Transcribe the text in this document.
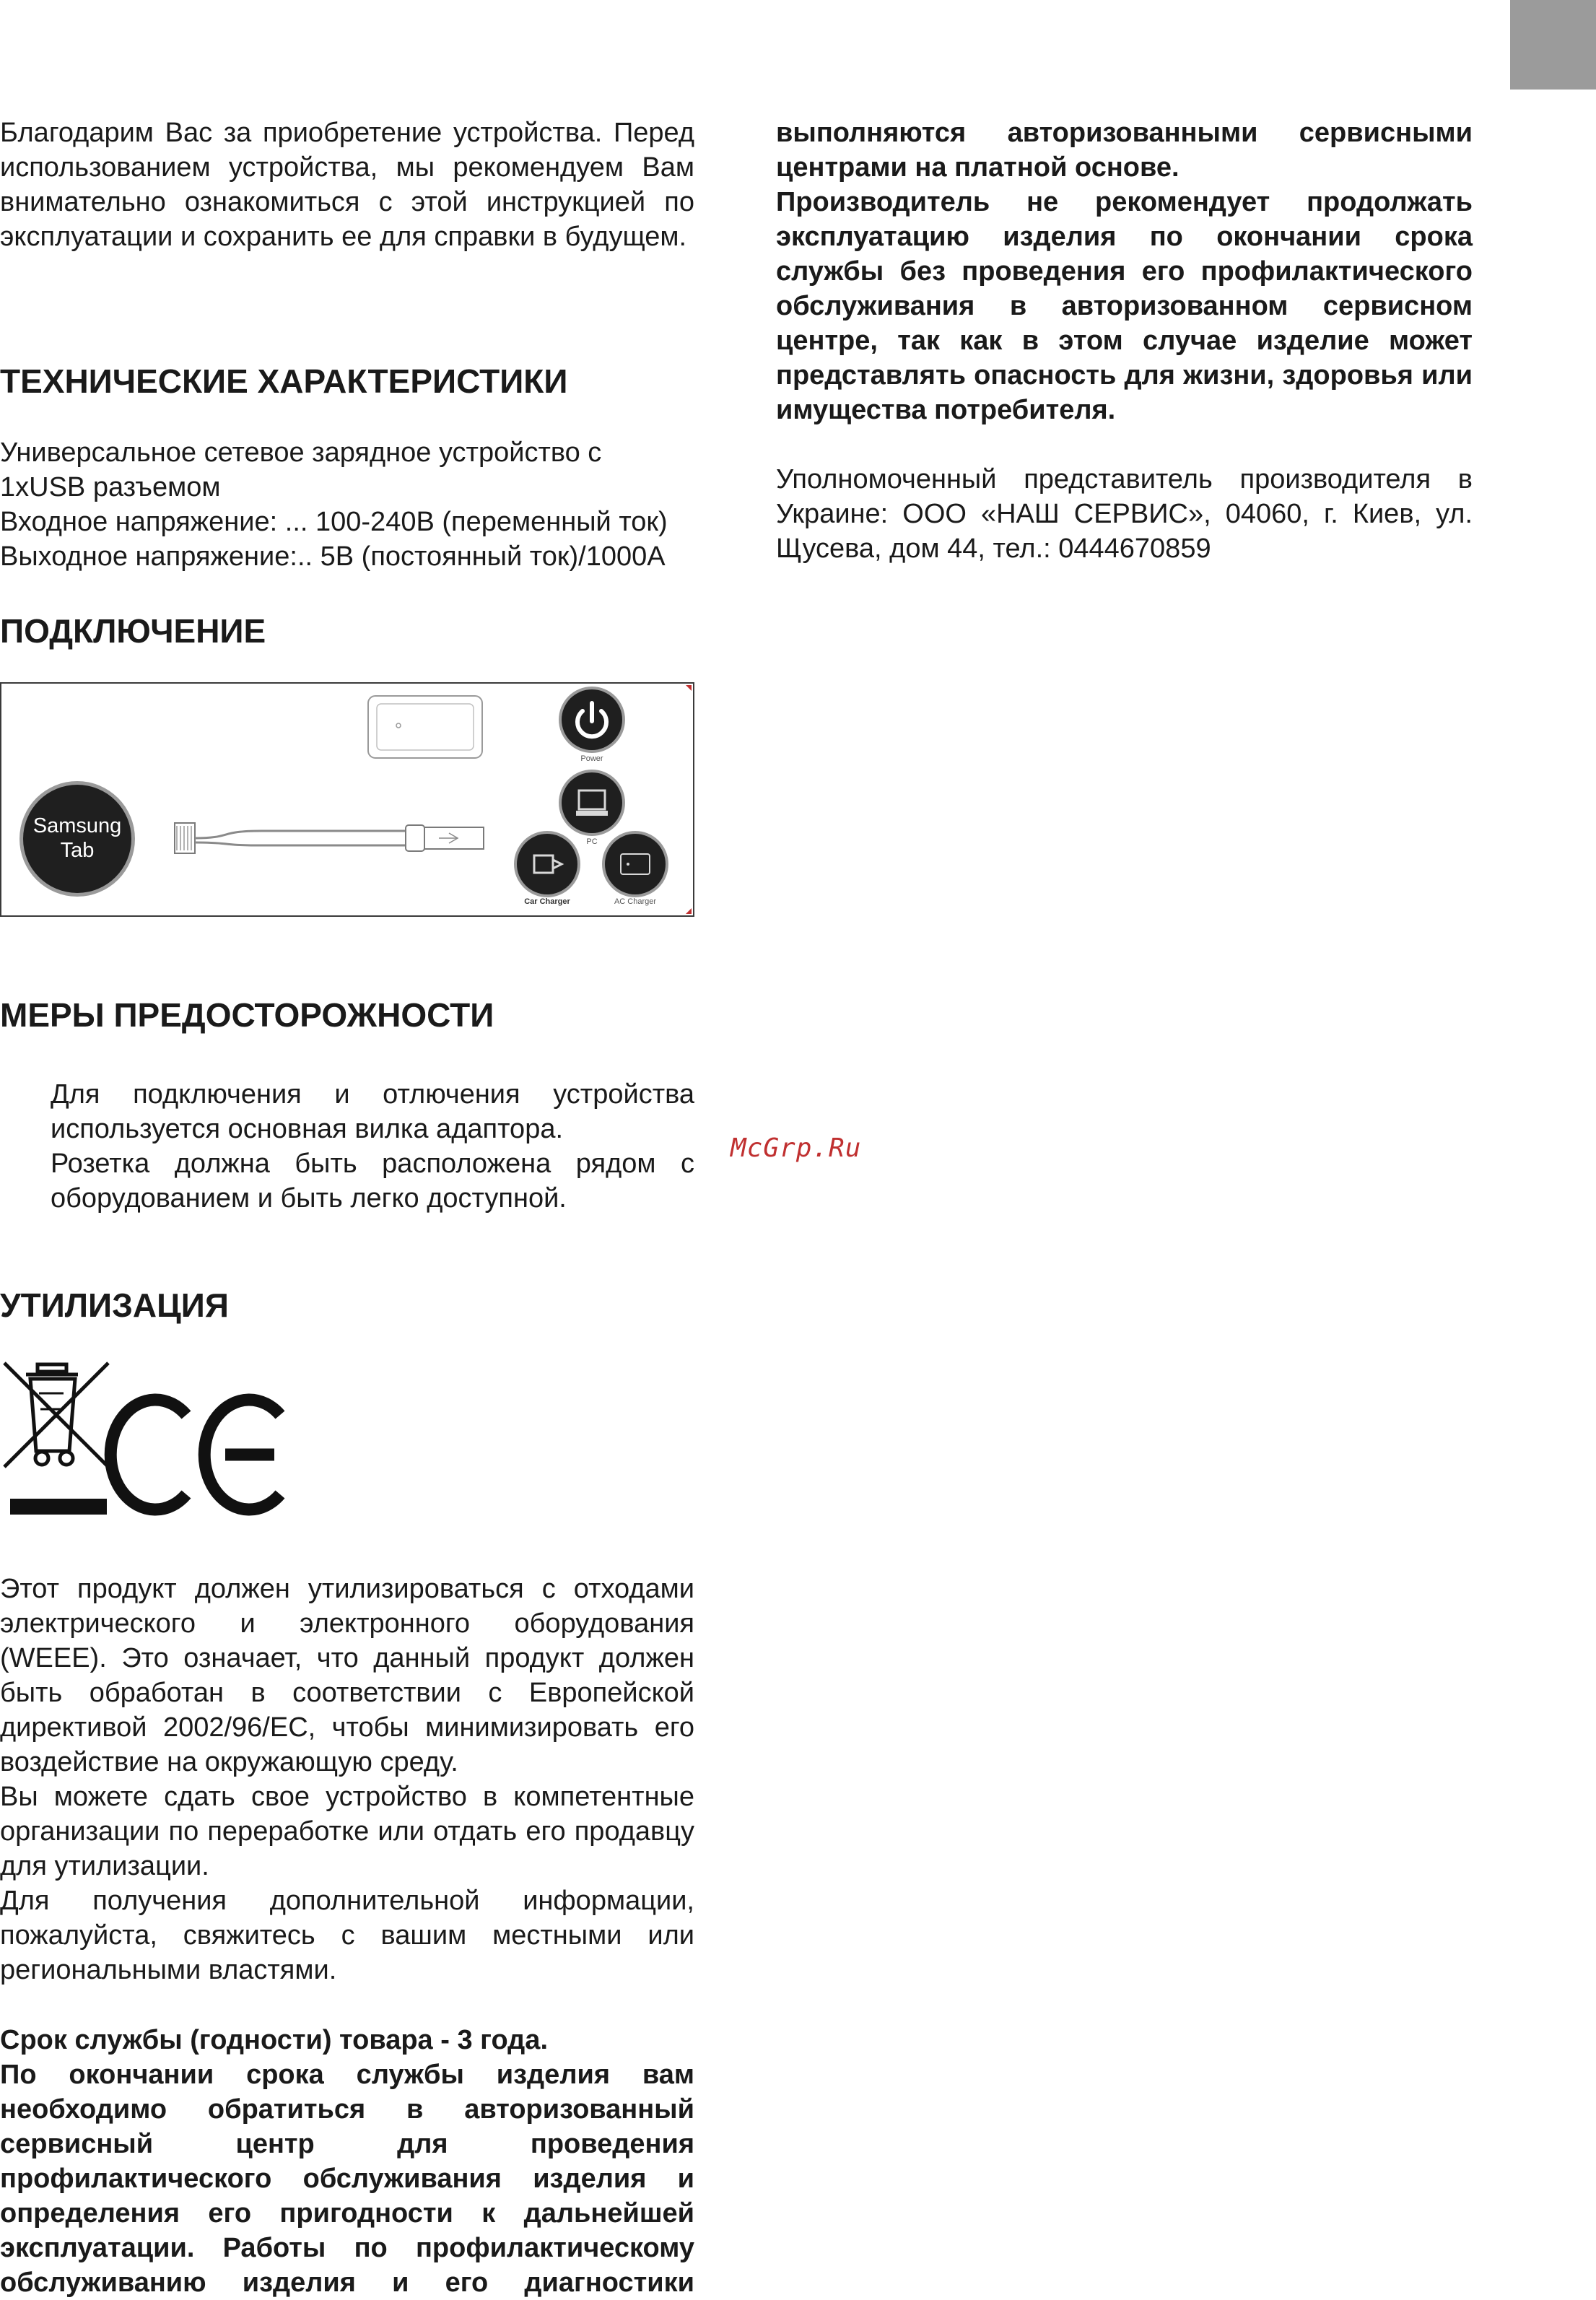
Благодарим Вас за приобретение устройства. Перед использованием устройства, мы рекомендуем Вам внимательно ознакомиться с этой инструкцией по эксплуатации и сохранить ее для справки в будущем.

ТЕХНИЧЕСКИЕ ХАРАКТЕРИСТИКИ

Универсальное сетевое зарядное устройство с 1xUSB разъемом

Входное напряжение: ... 100-240В (переменный ток)

Выходное напряжение:.. 5В (постоянный ток)/1000А

ПОДКЛЮЧЕНИЕ
Samsung
Tab
Power
PC
Car Charger	AC Charger
МЕРЫ ПРЕДОСТОРОЖНОСТИ

Для подключения и отлючения устройства используется основная вилка адаптора.

Розетка должна быть расположена рядом с оборудованием и быть легко доступной.

McGrp.Ru
УТИЛИЗАЦИЯ
CE

Этот продукт должен утилизироваться с отходами электрического и электронного оборудования (WEEE). Это означает, что данный продукт должен быть обработан в соответствии с Европейской директивой 2002/96/ЕС, чтобы минимизировать его воздействие на окружающую среду.

Вы можете сдать свое устройство в компетентные организации по переработке или отдать его продавцу для утилизации.

Для получения дополнительной информации, пожалуйста, свяжитесь с вашим местными или региональными властями.

Срок службы (годности) товара - 3 года.

По окончании срока службы изделия вам необходимо обратиться в авторизованный сервисный центр для проведения профилактического обслуживания изделия и определения его пригодности к дальнейшей эксплуатации. Работы по профилактическому обслуживанию изделия и его диагностики

выполняются авторизованными сервисными центрами на платной основе.

Производитель не рекомендует продолжать эксплуатацию изделия по окончании срока службы без проведения его профилактического обслуживания в авторизованном сервисном центре, так как в этом случае изделие может представлять опасность для жизни, здоровья или имущества потребителя.

Уполномоченный представитель производителя в Украине: ООО «НАШ СЕРВИС», 04060, г. Киев, ул. Щусева, дом 44, тел.: 0444670859
